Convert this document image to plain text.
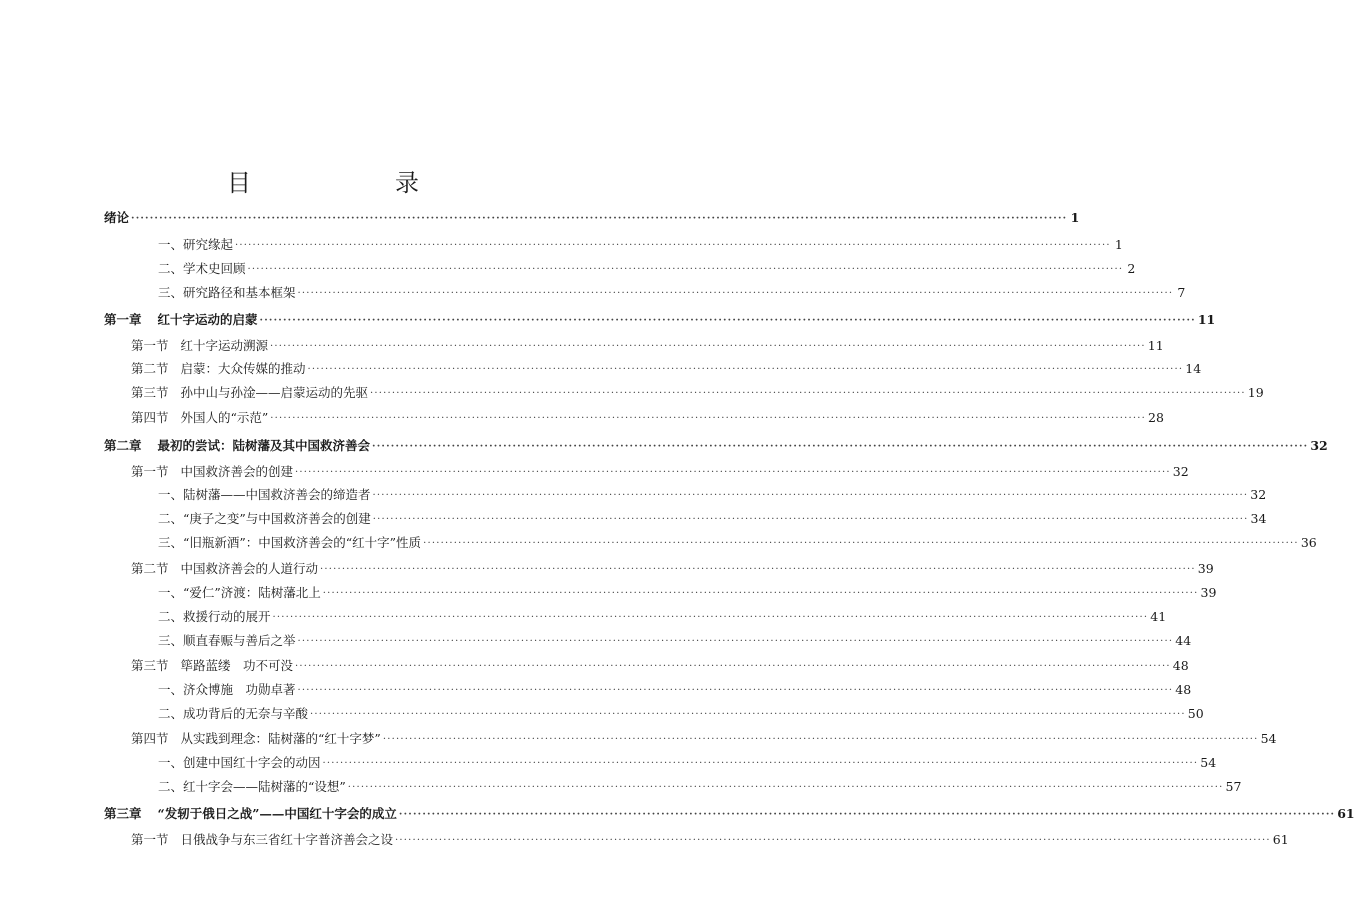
目　　录
绪论 ········································································································································································································ 1
一、研究缘起 ········································································································································································································ 1
二、学术史回顾 ········································································································································································································ 2
三、研究路径和基本框架 ········································································································································································································ 7
第一章 红十字运动的启蒙 ········································································································································································································ 11
第一节 红十字运动溯源 ········································································································································································································ 11
第二节 启蒙：大众传媒的推动 ········································································································································································································ 14
第三节 孙中山与孙淦——启蒙运动的先驱 ········································································································································································································ 19
第四节 外国人的“示范” ········································································································································································································ 28
第二章 最初的尝试：陆树藩及其中国救济善会 ········································································································································································································ 32
第一节 中国救济善会的创建 ········································································································································································································ 32
一、陆树藩——中国救济善会的缔造者 ········································································································································································································ 32
二、“庚子之变”与中国救济善会的创建 ········································································································································································································ 34
三、“旧瓶新酒”：中国救济善会的“红十字”性质 ········································································································································································································ 36
第二节 中国救济善会的人道行动 ········································································································································································································ 39
一、“爱仁”济渡：陆树藩北上 ········································································································································································································ 39
二、救援行动的展开 ········································································································································································································ 41
三、顺直春赈与善后之举 ········································································································································································································ 44
第三节 筚路蓝缕　功不可没 ········································································································································································································ 48
一、济众博施　功勋卓著 ········································································································································································································ 48
二、成功背后的无奈与辛酸 ········································································································································································································ 50
第四节 从实践到理念：陆树藩的“红十字梦” ········································································································································································································ 54
一、创建中国红十字会的动因 ········································································································································································································ 54
二、红十字会——陆树藩的“设想” ········································································································································································································ 57
第三章 “发轫于俄日之战”——中国红十字会的成立 ········································································································································································································ 61
第一节 日俄战争与东三省红十字普济善会之设 ········································································································································································································ 61
